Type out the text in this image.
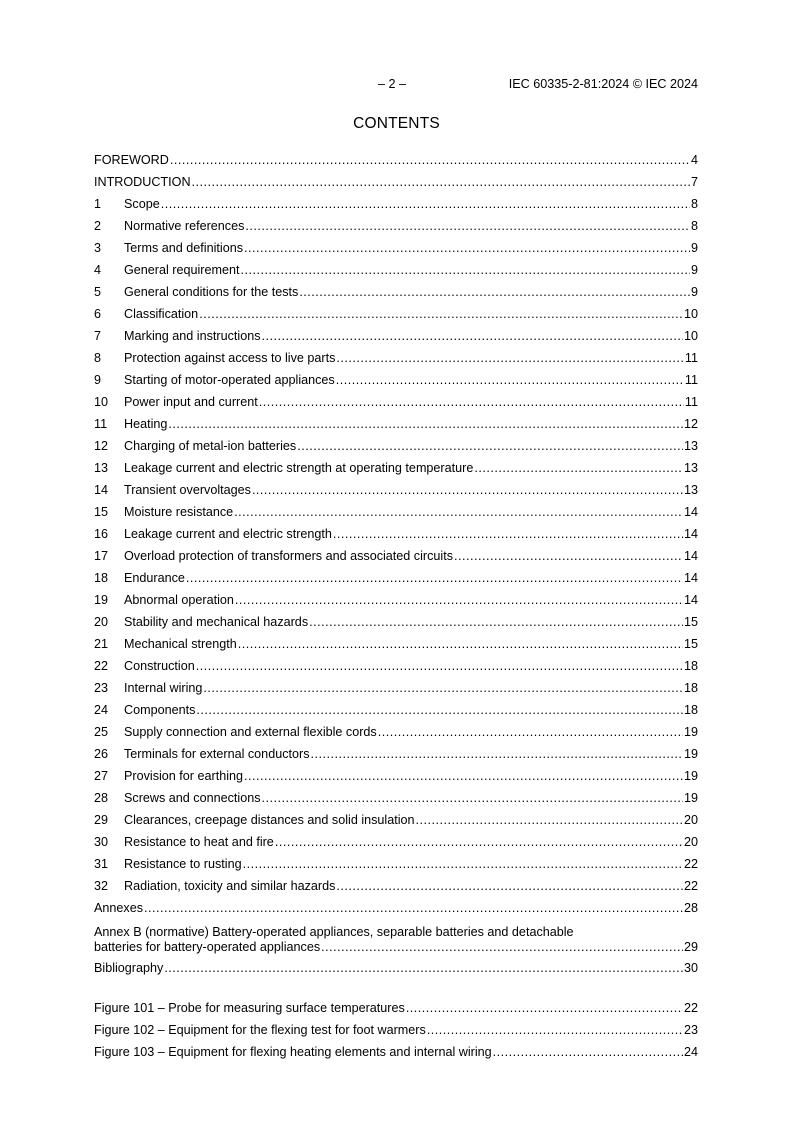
– 2 –	IEC 60335-2-81:2024 © IEC 2024
CONTENTS
FOREWORD .....	4
INTRODUCTION .....	7
1	Scope .....	8
2	Normative references .....	8
3	Terms and definitions .....	9
4	General requirement .....	9
5	General conditions for the tests .....	9
6	Classification .....	10
7	Marking and instructions .....	10
8	Protection against access to live parts .....	11
9	Starting of motor-operated appliances .....	11
10	Power input and current .....	11
11	Heating .....	12
12	Charging of metal-ion batteries .....	13
13	Leakage current and electric strength at operating temperature .....	13
14	Transient overvoltages .....	13
15	Moisture resistance .....	14
16	Leakage current and electric strength .....	14
17	Overload protection of transformers and associated circuits .....	14
18	Endurance .....	14
19	Abnormal operation .....	14
20	Stability and mechanical hazards .....	15
21	Mechanical strength .....	15
22	Construction .....	18
23	Internal wiring .....	18
24	Components .....	18
25	Supply connection and external flexible cords .....	19
26	Terminals for external conductors .....	19
27	Provision for earthing .....	19
28	Screws and connections .....	19
29	Clearances, creepage distances and solid insulation .....	20
30	Resistance to heat and fire .....	20
31	Resistance to rusting .....	22
32	Radiation, toxicity and similar hazards .....	22
Annexes .....	28
Annex B (normative) Battery-operated appliances, separable batteries and detachable
batteries for battery-operated appliances .....	29
Bibliography .....	30
Figure 101 – Probe for measuring surface temperatures .....	22
Figure 102 – Equipment for the flexing test for foot warmers .....	23
Figure 103 – Equipment for flexing heating elements and internal wiring .....	24
